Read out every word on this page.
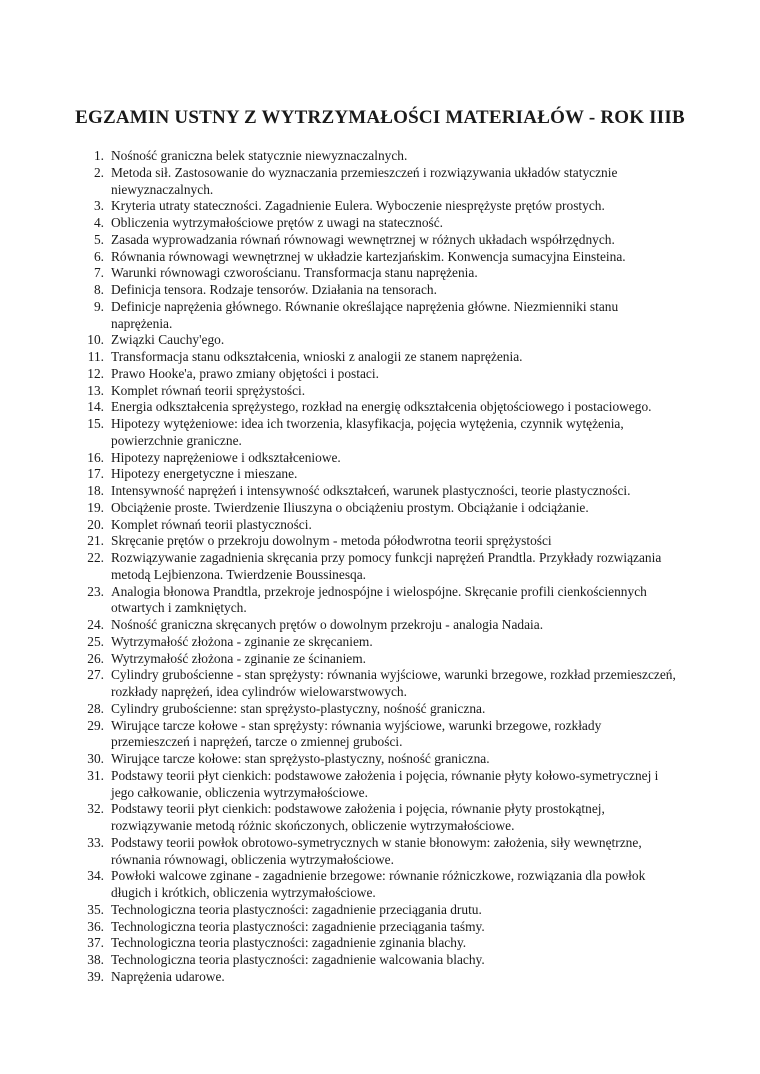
EGZAMIN USTNY Z WYTRZYMAŁOŚCI MATERIAŁÓW - ROK IIIB
1. Nośność graniczna belek statycznie niewyznaczalnych.
2. Metoda sił. Zastosowanie do wyznaczania przemieszczeń i rozwiązywania układów statycznie niewyznaczalnych.
3. Kryteria utraty stateczności. Zagadnienie Eulera. Wyboczenie niesprężyste prętów prostych.
4. Obliczenia wytrzymałościowe prętów z uwagi na stateczność.
5. Zasada wyprowadzania równań równowagi wewnętrznej w różnych układach współrzędnych.
6. Równania równowagi wewnętrznej w układzie kartezjańskim. Konwencja sumacyjna Einsteina.
7. Warunki równowagi czworościanu. Transformacja stanu naprężenia.
8. Definicja tensora. Rodzaje tensorów. Działania na tensorach.
9. Definicje naprężenia głównego. Równanie określające naprężenia główne. Niezmienniki stanu naprężenia.
10. Związki Cauchy'ego.
11. Transformacja stanu odkształcenia, wnioski z analogii ze stanem naprężenia.
12. Prawo Hooke'a, prawo zmiany objętości i postaci.
13. Komplet równań teorii sprężystości.
14. Energia odkształcenia sprężystego, rozkład na energię odkształcenia objętościowego i postaciowego.
15. Hipotezy wytężeniowe: idea ich tworzenia, klasyfikacja, pojęcia wytężenia, czynnik wytężenia, powierzchnie graniczne.
16. Hipotezy naprężeniowe i odkształceniowe.
17. Hipotezy energetyczne i mieszane.
18. Intensywność naprężeń i intensywność odkształceń, warunek plastyczności, teorie plastyczności.
19. Obciążenie proste. Twierdzenie Iliuszyna o obciążeniu prostym. Obciążanie i odciążanie.
20. Komplet równań teorii plastyczności.
21. Skręcanie prętów o przekroju dowolnym - metoda półodwrotna teorii sprężystości
22. Rozwiązywanie zagadnienia skręcania przy pomocy funkcji naprężeń Prandtla. Przykłady rozwiązania metodą Lejbienzona. Twierdzenie Boussinesqa.
23. Analogia błonowa Prandtla, przekroje jednospójne i wielospójne. Skręcanie profili cienkościennych otwartych i zamkniętych.
24. Nośność graniczna skręcanych prętów o dowolnym przekroju - analogia Nadaia.
25. Wytrzymałość złożona - zginanie ze skręcaniem.
26. Wytrzymałość złożona - zginanie ze ścinaniem.
27. Cylindry grubościenne - stan sprężysty: równania wyjściowe, warunki brzegowe, rozkład przemieszczeń, rozkłady naprężeń, idea cylindrów wielowarstwowych.
28. Cylindry grubościenne: stan sprężysto-plastyczny, nośność graniczna.
29. Wirujące tarcze kołowe - stan sprężysty: równania wyjściowe, warunki brzegowe, rozkłady przemieszczeń i naprężeń, tarcze o zmiennej grubości.
30. Wirujące tarcze kołowe: stan sprężysto-plastyczny, nośność graniczna.
31. Podstawy teorii płyt cienkich: podstawowe założenia i pojęcia, równanie płyty kołowo-symetrycznej i jego całkowanie, obliczenia wytrzymałościowe.
32. Podstawy teorii płyt cienkich: podstawowe założenia i pojęcia, równanie płyty prostokątnej, rozwiązywanie metodą różnic skończonych, obliczenie wytrzymałościowe.
33. Podstawy teorii powłok obrotowo-symetrycznych w stanie błonowym: założenia, siły wewnętrzne, równania równowagi, obliczenia wytrzymałościowe.
34. Powłoki walcowe zginane - zagadnienie brzegowe: równanie różniczkowe, rozwiązania dla powłok długich i krótkich, obliczenia wytrzymałościowe.
35. Technologiczna teoria plastyczności: zagadnienie przeciągania drutu.
36. Technologiczna teoria plastyczności: zagadnienie przeciągania taśmy.
37. Technologiczna teoria plastyczności: zagadnienie zginania blachy.
38. Technologiczna teoria plastyczności: zagadnienie walcowania blachy.
39. Naprężenia udarowe.
